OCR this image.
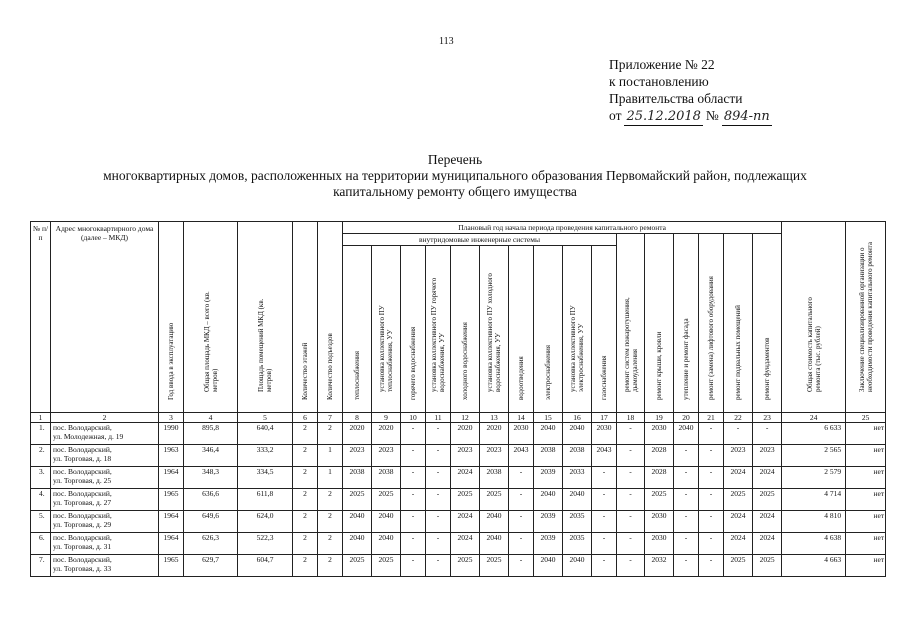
113
Приложение № 22
к постановлению
Правительства области
от 25.12.2018 № 894-пп
Перечень
многоквартирных домов, расположенных на территории муниципального образования Первомайский район, подлежащих
капитальному ремонту общего имущества
№ п/п	Адрес многоквартирного дома (далее – МКД)	Год ввода в эксплуатацию	Общая площадь МКД – всего (кв. метров)	Площадь помещений МКД (кв. метров)	Количество этажей	Количество подъездов	Плановый год начала периода проведения капитального ремонта																Общая стоимость капитального ремонта (тыс. рублей)	Заключение специализированной организации о необходимости проведения капитального ремонта

							внутридомовые инженерные системы										ремонт систем пожаротушения, дымоудаления	ремонт крыши, кровли	утепление и ремонт фасада	ремонт (замена) лифтового оборудования	ремонт подвальных помещений	ремонт фундаментов		

							теплоснабжения	установка коллективного ПУ теплоснабжения, УУ	горячего водоснабжения	установка коллективного ПУ горячего водоснабжения, УУ	холодного водоснабжения	установка коллективного ПУ холодного водоснабжения, УУ	водоотведения	электроснабжения	установка коллективного ПУ электроснабжения, УУ	газоснабжения								

1	2	3	4	5	6	7	8	9	10	11	12	13	14	15	16	17	18	19	20	21	22	23	24	25
1.	пос. Володарский,
ул. Молодежная, д. 19	1990	895,8	640,4	2	2	2020	2020	-	-	2020	2020	2030	2040	2040	2030	-	2030	2040	-	-	-	6 633	нет
2.	пос. Володарский,
ул. Торговая, д. 18	1963	346,4	333,2	2	1	2023	2023	-	-	2023	2023	2043	2038	2038	2043	-	2028	-	-	2023	2023	2 565	нет
3.	пос. Володарский,
ул. Торговая, д. 25	1964	348,3	334,5	2	1	2038	2038	-	-	2024	2038	-	2039	2033	-	-	2028	-	-	2024	2024	2 579	нет
4.	пос. Володарский,
ул. Торговая, д. 27	1965	636,6	611,8	2	2	2025	2025	-	-	2025	2025	-	2040	2040	-	-	2025	-	-	2025	2025	4 714	нет
5.	пос. Володарский,
ул. Торговая, д. 29	1964	649,6	624,0	2	2	2040	2040	-	-	2024	2040	-	2039	2035	-	-	2030	-	-	2024	2024	4 810	нет
6.	пос. Володарский,
ул. Торговая, д. 31	1964	626,3	522,3	2	2	2040	2040	-	-	2024	2040	-	2039	2035	-	-	2030	-	-	2024	2024	4 638	нет
7.	пос. Володарский,
ул. Торговая, д. 33	1965	629,7	604,7	2	2	2025	2025	-	-	2025	2025	-	2040	2040	-	-	2032	-	-	2025	2025	4 663	нет
